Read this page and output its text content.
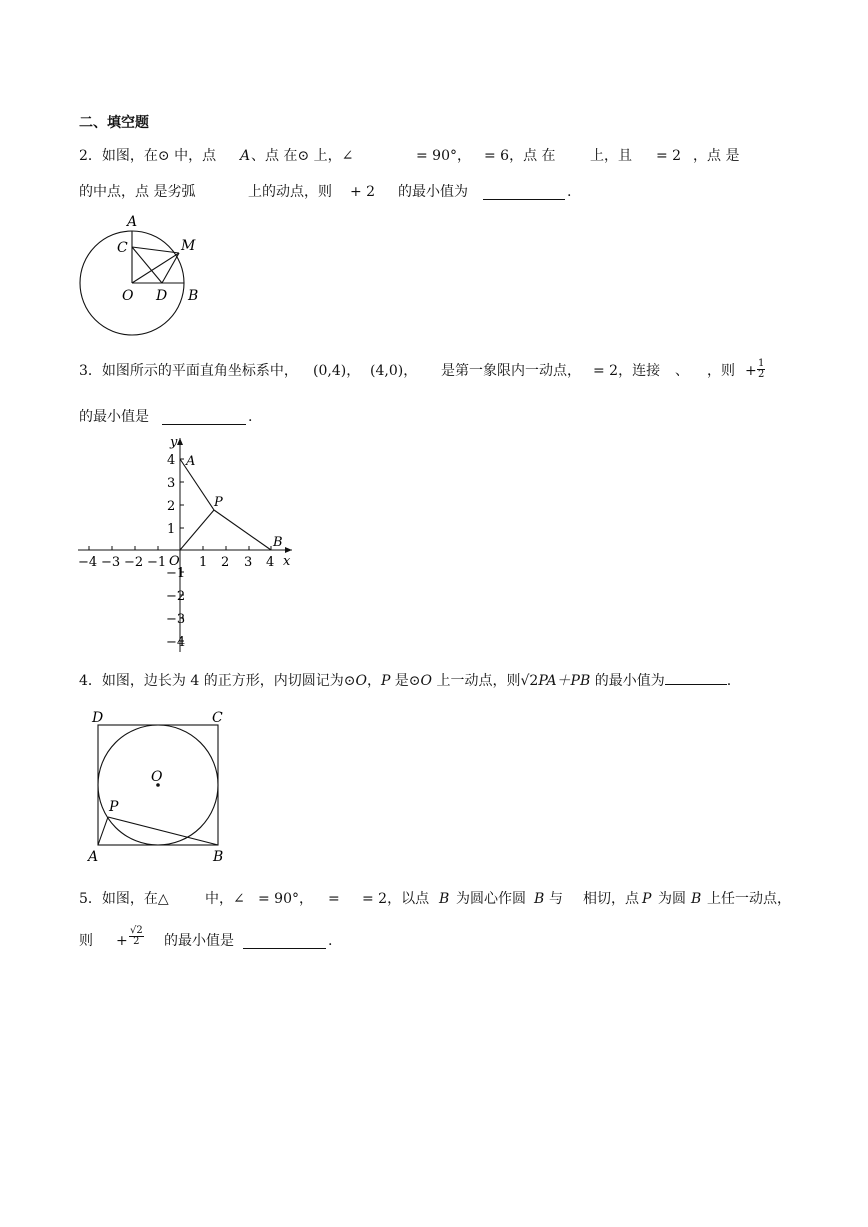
二、填空题
2．如图，在⊙ 中，点 A 、点 在⊙ 上，∠	= 90°， = 6，点 在 上，且 = 2 ，点 是
的中点，点 是劣弧	上的动点，则 + 2 的最小值为	.
A
C	M
O D B
3．如图所示的平面直角坐标系中， (0,4)， (4,0)， 是第一象限内一动点， = 2，连接 、 ，则 + $\frac{1}{2}$
的最小值是	.
y
x
O
A
P
B
−4 −3 −2 −1	1 2 3 4
4
3
2
1
−1
−2
−3
−4
4．如图，边长为 4 的正方形，内切圆记为⊙O，P 是⊙O 上一动点，则√2PA＋PB 的最小值为	.
D	C
O
P
A	B
5．如图，在△	中，∠ = 90°， = = 2，以点 B 为圆心作圆 B 与 相切，点 P 为圆 B 上任一动点，
则 + $\frac{√2}{2}$ 的最小值是	.
